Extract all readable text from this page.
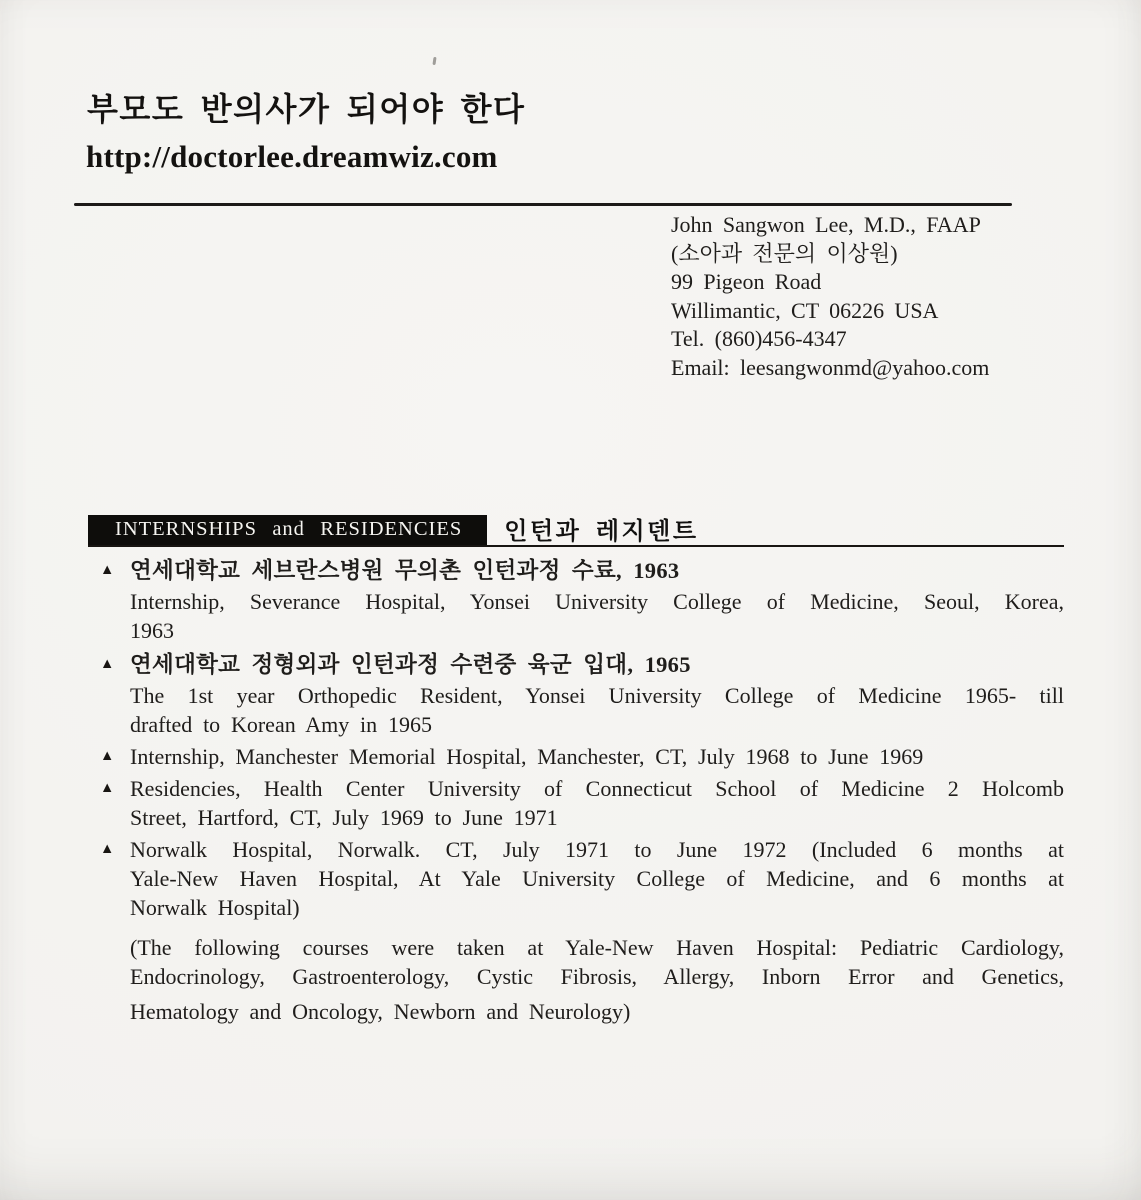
부모도 반의사가 되어야 한다
http://doctorlee.dreamwiz.com
John Sangwon Lee, M.D., FAAP
(소아과 전문의 이상원)
99 Pigeon Road
Willimantic, CT 06226 USA
Tel. (860)456-4347
Email: leesangwonmd@yahoo.com
INTERNSHIPS and RESIDENCIES 인턴과 레지덴트
▲ 연세대학교 세브란스병원 무의촌 인턴과정 수료, 1963
Internship, Severance Hospital, Yonsei University College of Medicine, Seoul, Korea,
1963
▲ 연세대학교 정형외과 인턴과정 수련중 육군 입대, 1965
The 1st year Orthopedic Resident, Yonsei University College of Medicine 1965- till
drafted to Korean Amy in 1965
▲ Internship, Manchester Memorial Hospital, Manchester, CT, July 1968 to June 1969
▲ Residencies, Health Center University of Connecticut School of Medicine 2 Holcomb
Street, Hartford, CT, July 1969 to June 1971
▲ Norwalk Hospital, Norwalk. CT, July 1971 to June 1972 (Included 6 months at
Yale-New Haven Hospital, At Yale University College of Medicine, and 6 months at
Norwalk Hospital)
(The following courses were taken at Yale-New Haven Hospital: Pediatric Cardiology,
Endocrinology, Gastroenterology, Cystic Fibrosis, Allergy, Inborn Error and Genetics,
Hematology and Oncology, Newborn and Neurology)
